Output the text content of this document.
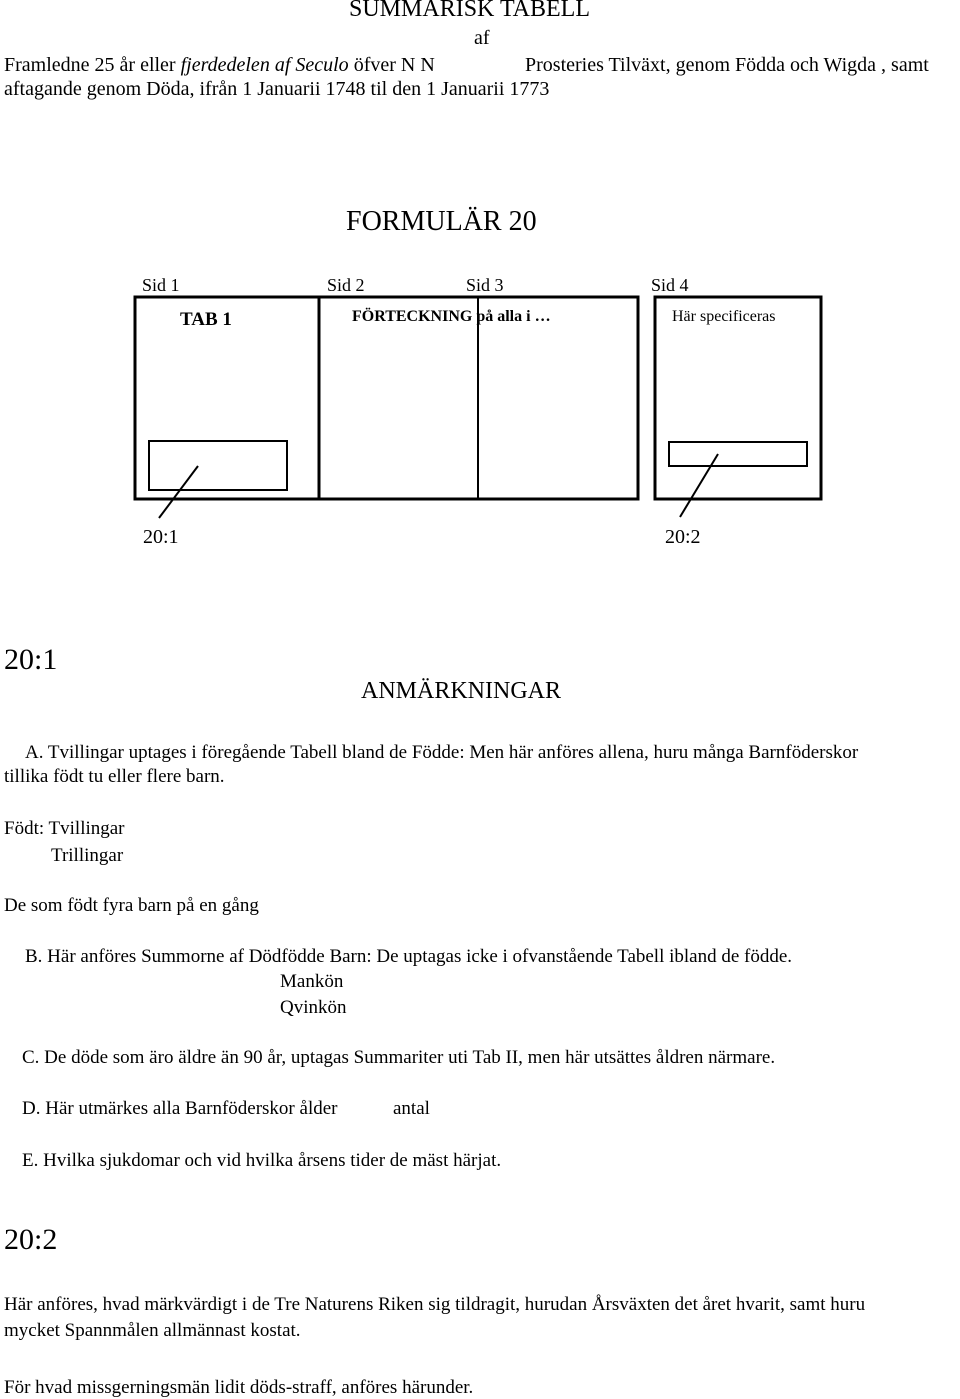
SUMMARISK TABELL
af
Framledne 25 år eller fjerdedelen af Seculo öfver N N	Prosteries Tilväxt, genom Födda och Wigda , samt
aftagande genom Döda, ifrån 1 Januarii 1748 til den 1 Januarii 1773
FORMULÄR 20
Sid 1	Sid 2	Sid 3	Sid 4
TAB 1	FÖRTECKNING på alla i …	Här specificeras
20:1	20:2
20:1
ANMÄRKNINGAR
A. Tvillingar uptages i föregående Tabell bland de Födde: Men här anföres allena, huru många Barnföderskor
tillika födt tu eller flere barn.
Födt: Tvillingar
Trillingar
De som födt fyra barn på en gång
B. Här anföres Summorne af Dödfödde Barn: De uptagas icke i ofvanstående Tabell ibland de födde.
Mankön
Qvinkön
C. De döde som äro äldre än 90 år, uptagas Summariter uti Tab II, men här utsättes åldren närmare.
D. Här utmärkes alla Barnföderskor ålder	antal
E. Hvilka sjukdomar och vid hvilka årsens tider de mäst härjat.
20:2
Här anföres, hvad märkvärdigt i de Tre Naturens Riken sig tildragit, hurudan Årsväxten det året hvarit, samt huru
mycket Spannmålen allmännast kostat.
För hvad missgerningsmän lidit döds-straff, anföres härunder.
